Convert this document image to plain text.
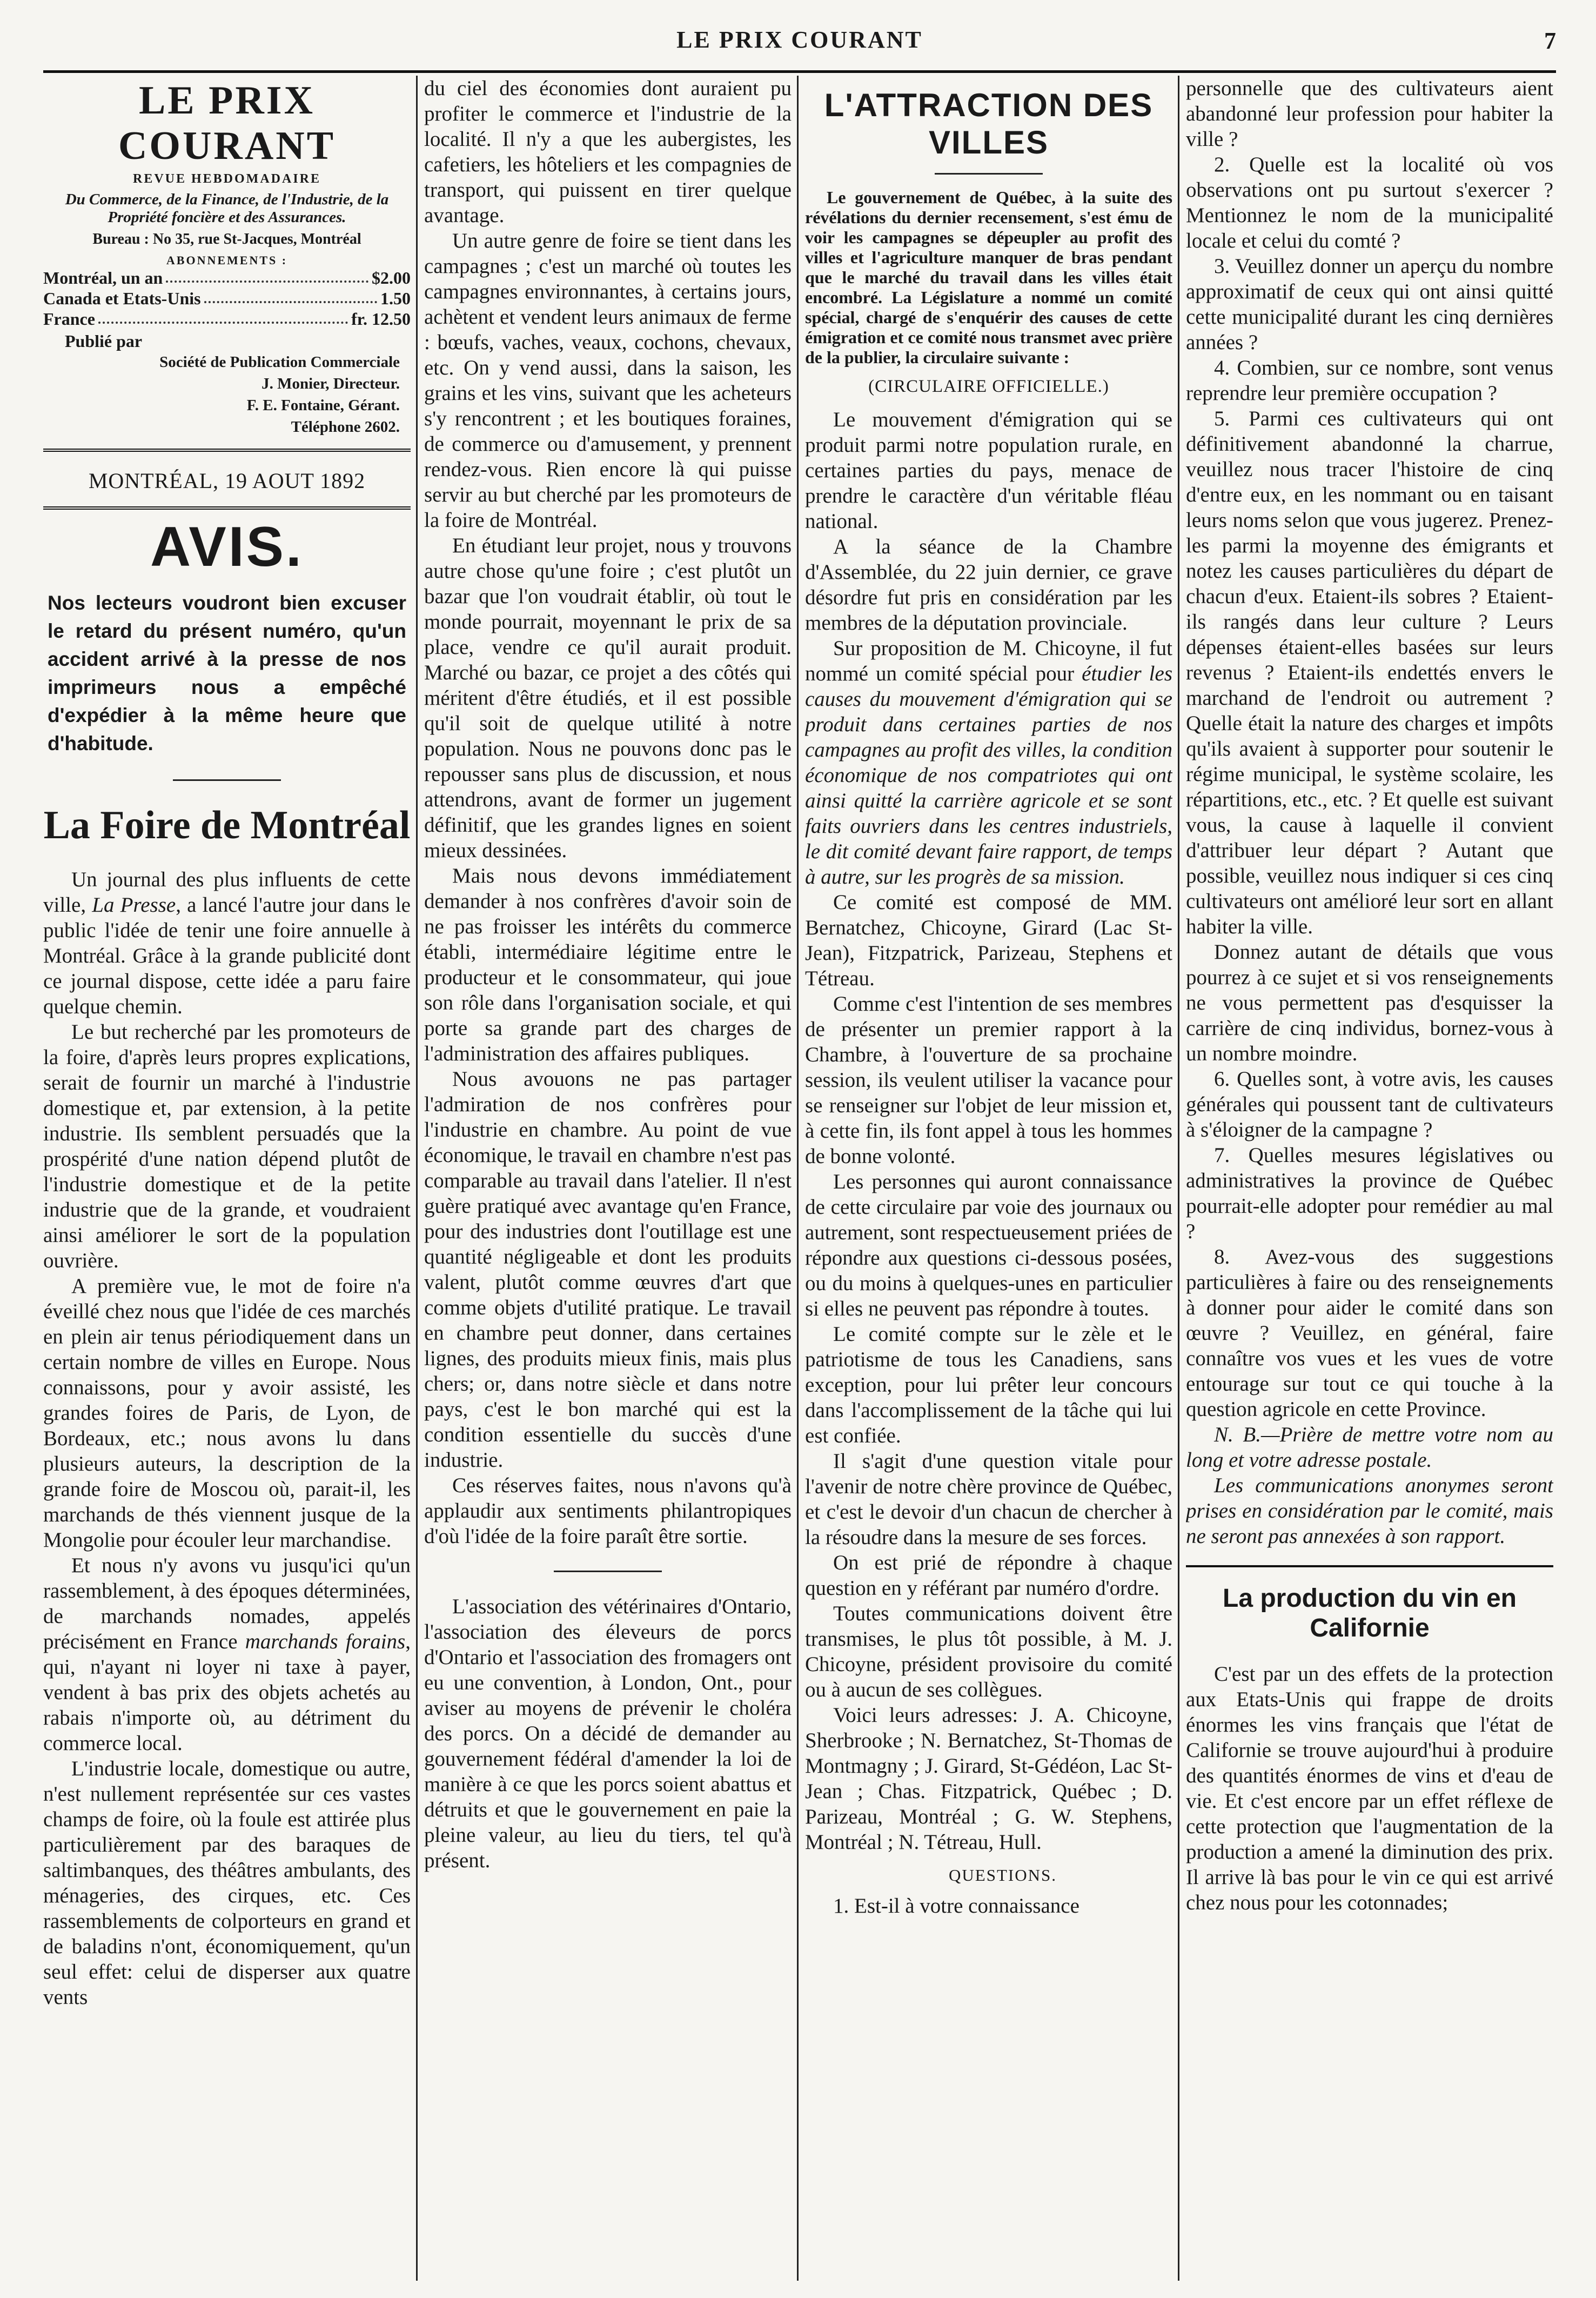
LE PRIX COURANT	7
LE PRIX COURANT
REVUE HEBDOMADAIRE
Du Commerce, de la Finance, de l'Industrie, de la Propriété foncière et des Assurances.
Bureau : No 35, rue St-Jacques, Montréal
ABONNEMENTS :
Montréal, un an	$2.00
Canada et Etats-Unis	1.50
France	fr. 12.50
Publié par
Société de Publication Commerciale
J. Monier, Directeur.
F. E. Fontaine, Gérant.
Téléphone 2602.
MONTRÉAL, 19 AOUT 1892
AVIS.
Nos lecteurs voudront bien excuser le retard du présent numéro, qu'un accident arrivé à la presse de nos imprimeurs nous a empêché d'expédier à la même heure que d'habitude.
La Foire de Montréal

Un journal des plus influents de cette ville, La Presse, a lancé l'autre jour dans le public l'idée de tenir une foire annuelle à Montréal. Grâce à la grande publicité dont ce journal dispose, cette idée a paru faire quelque chemin.

Le but recherché par les promoteurs de la foire, d'après leurs propres explications, serait de fournir un marché à l'industrie domestique et, par extension, à la petite industrie. Ils semblent persuadés que la prospérité d'une nation dépend plutôt de l'industrie domestique et de la petite industrie que de la grande, et voudraient ainsi améliorer le sort de la population ouvrière.

A première vue, le mot de foire n'a éveillé chez nous que l'idée de ces marchés en plein air tenus périodiquement dans un certain nombre de villes en Europe. Nous connaissons, pour y avoir assisté, les grandes foires de Paris, de Lyon, de Bordeaux, etc.; nous avons lu dans plusieurs auteurs, la description de la grande foire de Moscou où, parait-il, les marchands de thés viennent jusque de la Mongolie pour écouler leur marchandise.

Et nous n'y avons vu jusqu'ici qu'un rassemblement, à des époques déterminées, de marchands nomades, appelés précisément en France marchands forains, qui, n'ayant ni loyer ni taxe à payer, vendent à bas prix des objets achetés au rabais n'importe où, au détriment du commerce local.

L'industrie locale, domestique ou autre, n'est nullement représentée sur ces vastes champs de foire, où la foule est attirée plus particulièrement par des baraques de saltimbanques, des théâtres ambulants, des ménageries, des cirques, etc. Ces rassemblements de colporteurs en grand et de baladins n'ont, économiquement, qu'un seul effet: celui de disperser aux quatre vents

du ciel des économies dont auraient pu profiter le commerce et l'industrie de la localité. Il n'y a que les aubergistes, les cafetiers, les hôteliers et les compagnies de transport, qui puissent en tirer quelque avantage.

Un autre genre de foire se tient dans les campagnes ; c'est un marché où toutes les campagnes environnantes, à certains jours, achètent et vendent leurs animaux de ferme : bœufs, vaches, veaux, cochons, chevaux, etc. On y vend aussi, dans la saison, les grains et les vins, suivant que les acheteurs s'y rencontrent ; et les boutiques foraines, de commerce ou d'amusement, y prennent rendez-vous. Rien encore là qui puisse servir au but cherché par les promoteurs de la foire de Montréal.

En étudiant leur projet, nous y trouvons autre chose qu'une foire ; c'est plutôt un bazar que l'on voudrait établir, où tout le monde pourrait, moyennant le prix de sa place, vendre ce qu'il aurait produit. Marché ou bazar, ce projet a des côtés qui méritent d'être étudiés, et il est possible qu'il soit de quelque utilité à notre population. Nous ne pouvons donc pas le repousser sans plus de discussion, et nous attendrons, avant de former un jugement définitif, que les grandes lignes en soient mieux dessinées.

Mais nous devons immédiatement demander à nos confrères d'avoir soin de ne pas froisser les intérêts du commerce établi, intermédiaire légitime entre le producteur et le consommateur, qui joue son rôle dans l'organisation sociale, et qui porte sa grande part des charges de l'administration des affaires publiques.

Nous avouons ne pas partager l'admiration de nos confrères pour l'industrie en chambre. Au point de vue économique, le travail en chambre n'est pas comparable au travail dans l'atelier. Il n'est guère pratiqué avec avantage qu'en France, pour des industries dont l'outillage est une quantité négligeable et dont les produits valent, plutôt comme œuvres d'art que comme objets d'utilité pratique. Le travail en chambre peut donner, dans certaines lignes, des produits mieux finis, mais plus chers; or, dans notre siècle et dans notre pays, c'est le bon marché qui est la condition essentielle du succès d'une industrie.

Ces réserves faites, nous n'avons qu'à applaudir aux sentiments philantropiques d'où l'idée de la foire paraît être sortie.

L'association des vétérinaires d'Ontario, l'association des éleveurs de porcs d'Ontario et l'association des fromagers ont eu une convention, à London, Ont., pour aviser au moyens de prévenir le choléra des porcs. On a décidé de demander au gouvernement fédéral d'amender la loi de manière à ce que les porcs soient abattus et détruits et que le gouvernement en paie la pleine valeur, au lieu du tiers, tel qu'à présent.

L'ATTRACTION DES VILLES

Le gouvernement de Québec, à la suite des révélations du dernier recensement, s'est ému de voir les campagnes se dépeupler au profit des villes et l'agriculture manquer de bras pendant que le marché du travail dans les villes était encombré. La Législature a nommé un comité spécial, chargé de s'enquérir des causes de cette émigration et ce comité nous transmet avec prière de la publier, la circulaire suivante :

(CIRCULAIRE OFFICIELLE.)

Le mouvement d'émigration qui se produit parmi notre population rurale, en certaines parties du pays, menace de prendre le caractère d'un véritable fléau national.

A la séance de la Chambre d'Assemblée, du 22 juin dernier, ce grave désordre fut pris en considération par les membres de la députation provinciale.

Sur proposition de M. Chicoyne, il fut nommé un comité spécial pour étudier les causes du mouvement d'émigration qui se produit dans certaines parties de nos campagnes au profit des villes, la condition économique de nos compatriotes qui ont ainsi quitté la carrière agricole et se sont faits ouvriers dans les centres industriels, le dit comité devant faire rapport, de temps à autre, sur les progrès de sa mission.

Ce comité est composé de MM. Bernatchez, Chicoyne, Girard (Lac St-Jean), Fitzpatrick, Parizeau, Stephens et Tétreau.

Comme c'est l'intention de ses membres de présenter un premier rapport à la Chambre, à l'ouverture de sa prochaine session, ils veulent utiliser la vacance pour se renseigner sur l'objet de leur mission et, à cette fin, ils font appel à tous les hommes de bonne volonté.

Les personnes qui auront connaissance de cette circulaire par voie des journaux ou autrement, sont respectueusement priées de répondre aux questions ci-dessous posées, ou du moins à quelques-unes en particulier si elles ne peuvent pas répondre à toutes.

Le comité compte sur le zèle et le patriotisme de tous les Canadiens, sans exception, pour lui prêter leur concours dans l'accomplissement de la tâche qui lui est confiée.

Il s'agit d'une question vitale pour l'avenir de notre chère province de Québec, et c'est le devoir d'un chacun de chercher à la résoudre dans la mesure de ses forces.

On est prié de répondre à chaque question en y référant par numéro d'ordre.

Toutes communications doivent être transmises, le plus tôt possible, à M. J. Chicoyne, président provisoire du comité ou à aucun de ses collègues.

Voici leurs adresses: J. A. Chicoyne, Sherbrooke ; N. Bernatchez, St-Thomas de Montmagny ; J. Girard, St-Gédéon, Lac St-Jean ; Chas. Fitzpatrick, Québec ; D. Parizeau, Montréal ; G. W. Stephens, Montréal ; N. Tétreau, Hull.

QUESTIONS.

1. Est-il à votre connaissance

personnelle que des cultivateurs aient abandonné leur profession pour habiter la ville ?

2. Quelle est la localité où vos observations ont pu surtout s'exercer ? Mentionnez le nom de la municipalité locale et celui du comté ?

3. Veuillez donner un aperçu du nombre approximatif de ceux qui ont ainsi quitté cette municipalité durant les cinq dernières années ?

4. Combien, sur ce nombre, sont venus reprendre leur première occupation ?

5. Parmi ces cultivateurs qui ont définitivement abandonné la charrue, veuillez nous tracer l'histoire de cinq d'entre eux, en les nommant ou en taisant leurs noms selon que vous jugerez. Prenez-les parmi la moyenne des émigrants et notez les causes particulières du départ de chacun d'eux. Etaient-ils sobres ? Etaient-ils rangés dans leur culture ? Leurs dépenses étaient-elles basées sur leurs revenus ? Etaient-ils endettés envers le marchand de l'endroit ou autrement ? Quelle était la nature des charges et impôts qu'ils avaient à supporter pour soutenir le régime municipal, le système scolaire, les répartitions, etc., etc. ? Et quelle est suivant vous, la cause à laquelle il convient d'attribuer leur départ ? Autant que possible, veuillez nous indiquer si ces cinq cultivateurs ont amélioré leur sort en allant habiter la ville.

Donnez autant de détails que vous pourrez à ce sujet et si vos renseignements ne vous permettent pas d'esquisser la carrière de cinq individus, bornez-vous à un nombre moindre.

6. Quelles sont, à votre avis, les causes générales qui poussent tant de cultivateurs à s'éloigner de la campagne ?

7. Quelles mesures législatives ou administratives la province de Québec pourrait-elle adopter pour remédier au mal ?

8. Avez-vous des suggestions particulières à faire ou des renseignements à donner pour aider le comité dans son œuvre ? Veuillez, en général, faire connaître vos vues et les vues de votre entourage sur tout ce qui touche à la question agricole en cette Province.

N. B.—Prière de mettre votre nom au long et votre adresse postale.

Les communications anonymes seront prises en considération par le comité, mais ne seront pas annexées à son rapport.

La production du vin en Californie

C'est par un des effets de la protection aux Etats-Unis qui frappe de droits énormes les vins français que l'état de Californie se trouve aujourd'hui à produire des quantités énormes de vins et d'eau de vie. Et c'est encore par un effet réflexe de cette protection que l'augmentation de la production a amené la diminution des prix. Il arrive là bas pour le vin ce qui est arrivé chez nous pour les cotonnades;
